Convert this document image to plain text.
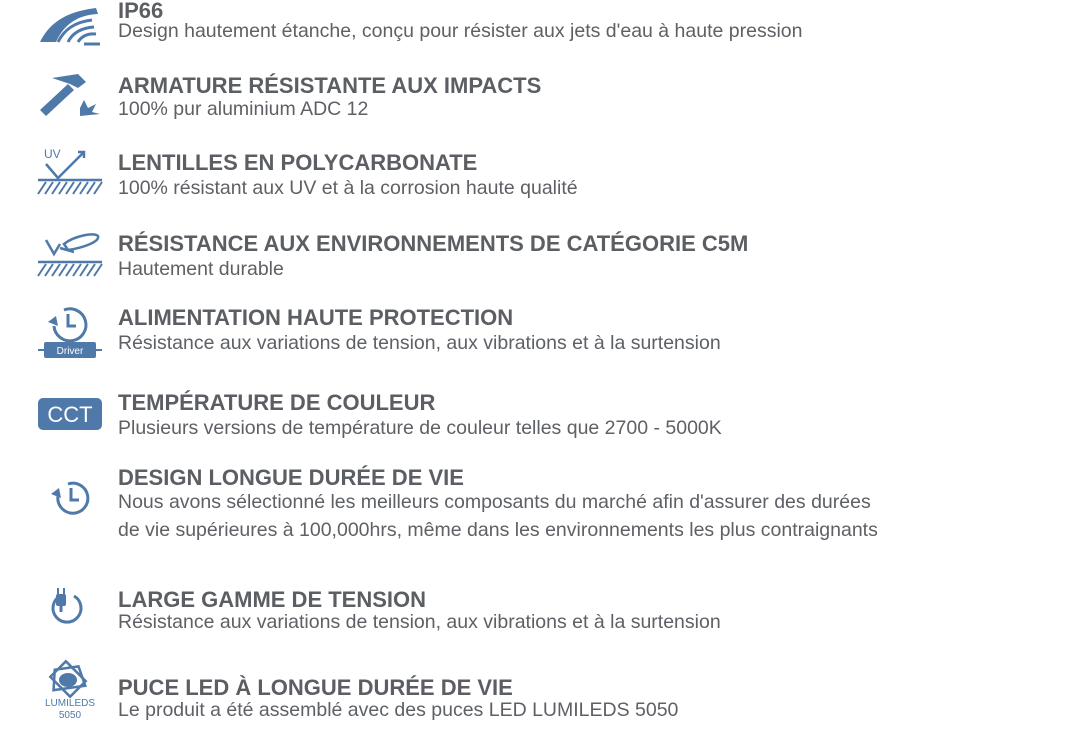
IP66
Design hautement étanche, conçu pour résister aux jets d'eau à haute pression
ARMATURE RÉSISTANTE AUX IMPACTS
100% pur aluminium ADC 12
UV	LENTILLES EN POLYCARBONATE
100% résistant aux UV et à la corrosion haute qualité
RÉSISTANCE AUX ENVIRONNEMENTS DE CATÉGORIE C5M
Hautement durable
Driver
ALIMENTATION HAUTE PROTECTION
Résistance aux variations de tension, aux vibrations et à la surtension
CCT TEMPÉRATURE DE COULEUR
Plusieurs versions de température de couleur telles que 2700 - 5000K
DESIGN LONGUE DURÉE DE VIE
Nous avons sélectionné les meilleurs composants du marché afin d'assurer des durées
de vie supérieures à 100,000hrs, même dans les environnements les plus contraignants
LARGE GAMME DE TENSION
Résistance aux variations de tension, aux vibrations et à la surtension
LUMILEDS
5050
PUCE LED À LONGUE DURÉE DE VIE
Le produit a été assemblé avec des puces LED LUMILEDS 5050
